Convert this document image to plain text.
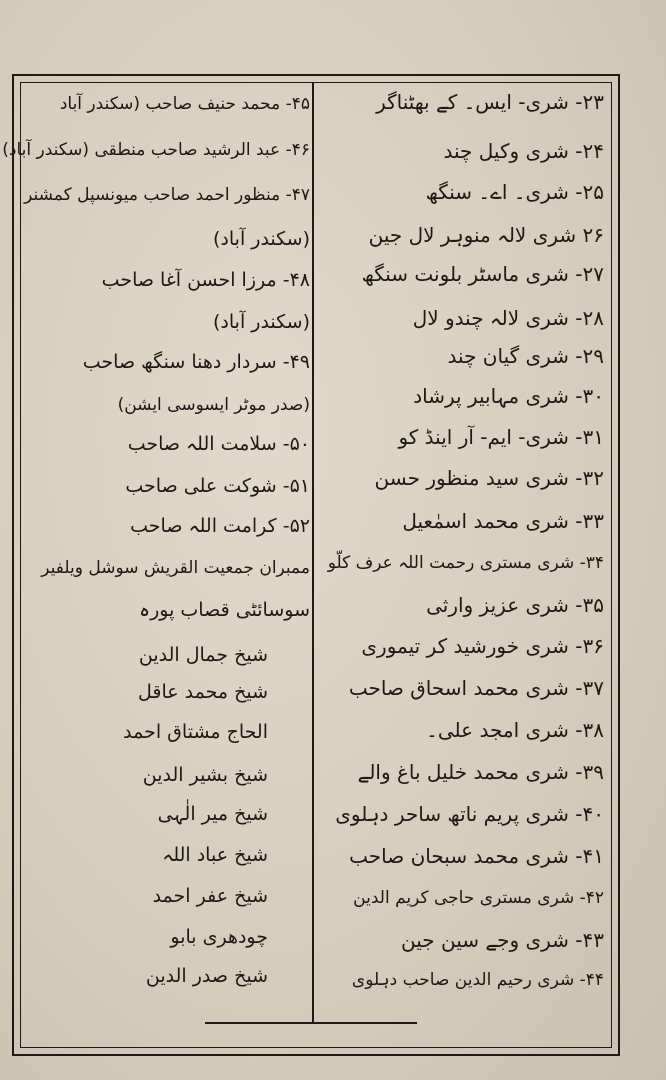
۲۳- شری- ایس۔ کے بھٹناگر
۲۴- شری وکیل چند
۲۵- شری۔ اے۔ سنگھ
۲۶ شری لالہ منوہر لال جین
۲۷- شری ماسٹر بلونت سنگھ
۲۸- شری لالہ چندو لال
۲۹- شری گیان چند
۳۰- شری مہابیر پرشاد
۳۱- شری- ایم- آر اینڈ کو
۳۲- شری سید منظور حسن
۳۳- شری محمد اسمٰعیل
۳۴- شری مستری رحمت اللہ عرف کلّو
۳۵- شری عزیز وارثی
۳۶- شری خورشید کر تیموری
۳۷- شری محمد اسحاق صاحب
۳۸- شری امجد علی۔
۳۹- شری محمد خلیل باغ والے
۴۰- شری پریم ناتھ ساحر دہلوی
۴۱- شری محمد سبحان صاحب
۴۲- شری مستری حاجی کریم الدین
۴۳- شری وجے سین جین
۴۴- شری رحیم الدین صاحب دہلوی
۴۵- محمد حنیف صاحب (سکندر آباد
۴۶- عبد الرشید صاحب منطقی (سکندر آباد)
۴۷- منظور احمد صاحب میونسپل کمشنر
(سکندر آباد)
۴۸- مرزا احسن آغا صاحب
(سکندر آباد)
۴۹- سردار دھنا سنگھ صاحب
(صدر موٹر ایسوسی ایشن)
۵۰- سلامت اللہ صاحب
۵۱- شوکت علی صاحب
۵۲- کرامت اللہ صاحب
ممبران جمعیت القریش سوشل ویلفیر
سوسائٹی قصاب پورہ
شیخ جمال الدین
شیخ محمد عاقل
الحاج مشتاق احمد
شیخ بشیر الدین
شیخ میر الٰہی
شیخ عباد اللہ
شیخ عفر احمد
چودھری بابو
شیخ صدر الدین
